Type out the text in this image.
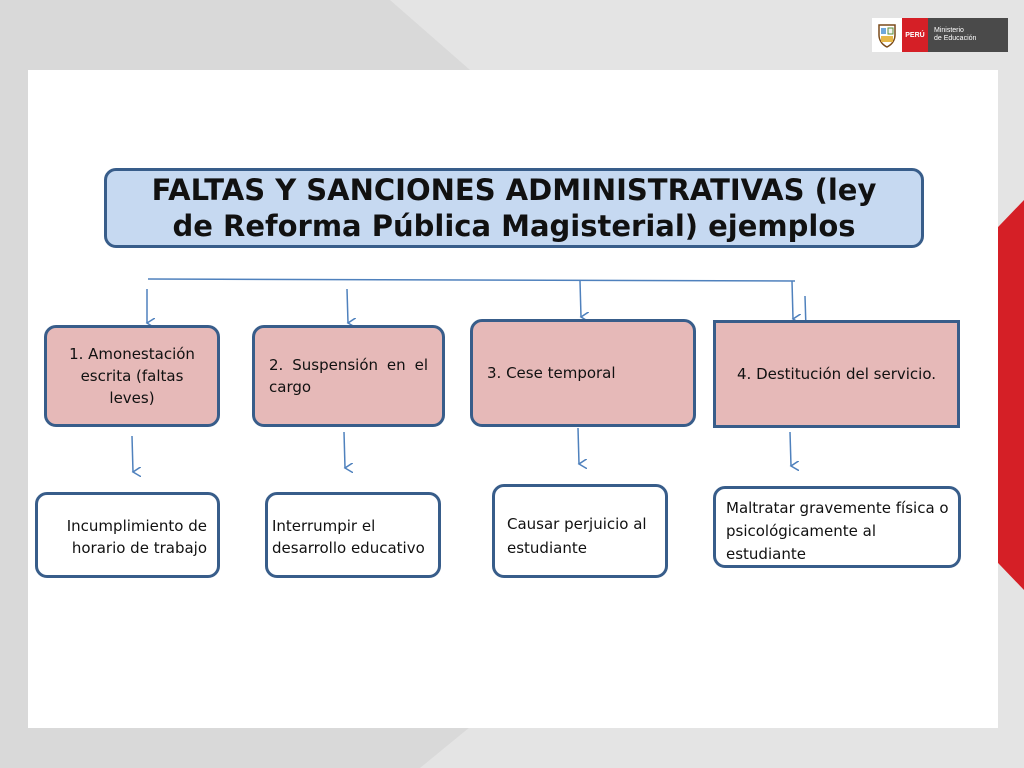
PERÚ
Ministerio
de Educación
FALTAS Y SANCIONES ADMINISTRATIVAS (ley
de Reforma Pública Magisterial) ejemplos
1. Amonestación escrita (faltas leves)
2. Suspensión en el cargo
3. Cese temporal	4. Destitución del servicio.
Incumplimiento de horario de trabajo
Interrumpir el desarrollo educativo
Causar perjuicio al estudiante
Maltratar gravemente física o psicológicamente al estudiante
